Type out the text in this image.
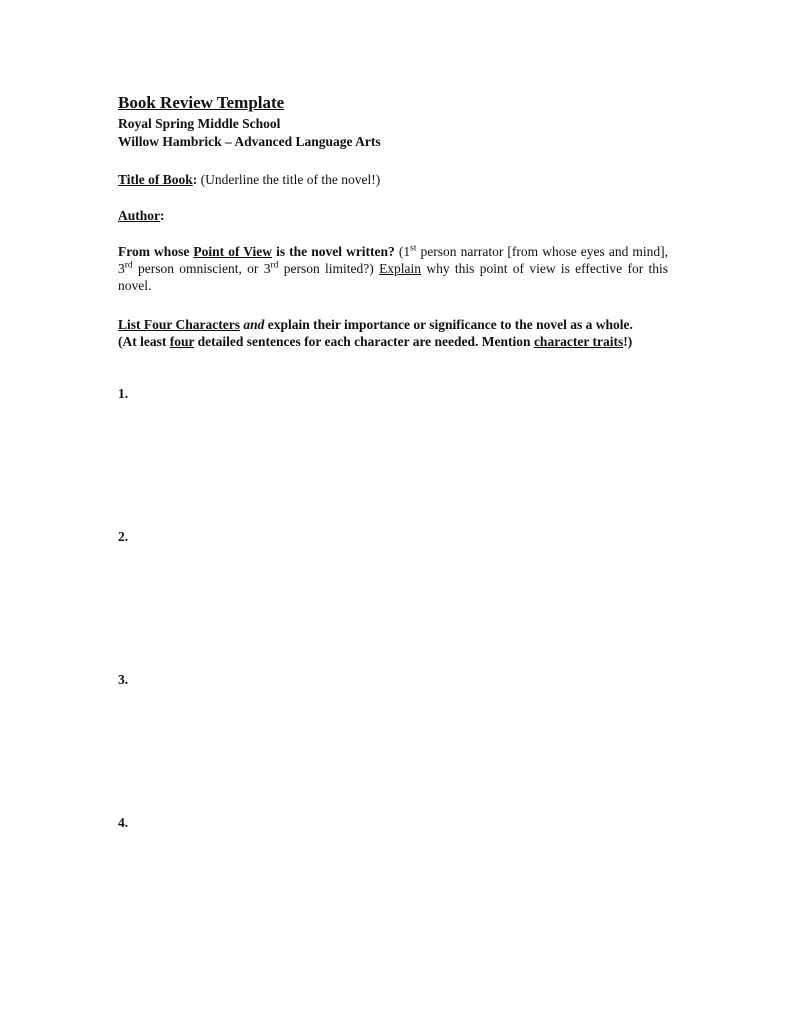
Book Review Template

Royal Spring Middle School

Willow Hambrick – Advanced Language Arts

Title of Book: (Underline the title of the novel!)

Author:

From whose Point of View is the novel written? (1st person narrator [from whose eyes and mind], 3rd person omniscient, or 3rd person limited?) Explain why this point of view is effective for this novel.

List Four Characters and explain their importance or significance to the novel as a whole. (At least four detailed sentences for each character are needed. Mention character traits!)

1.

2.

3.

4.
